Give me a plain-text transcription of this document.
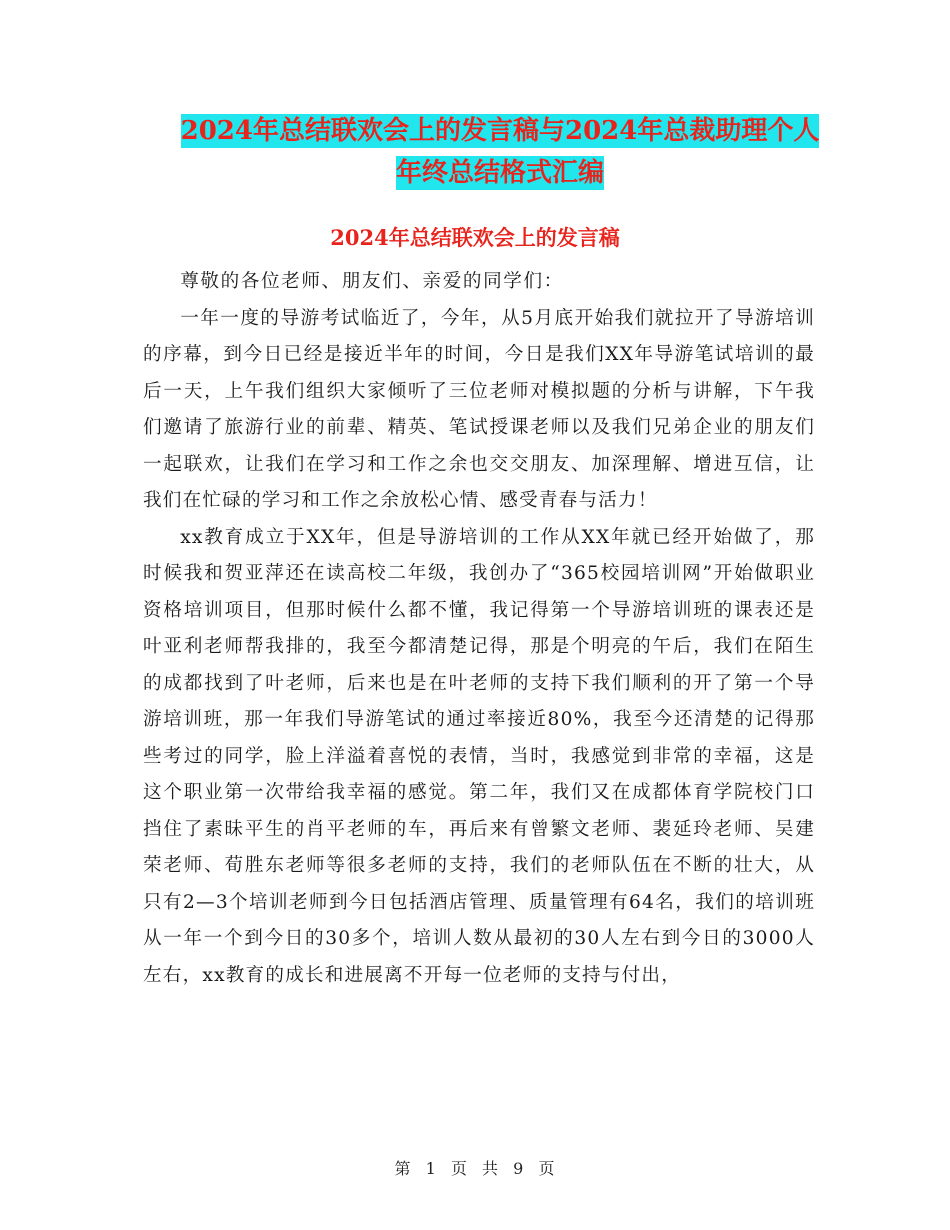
2024年总结联欢会上的发言稿与2024年总裁助理个人
年终总结格式汇编
2024年总结联欢会上的发言稿

尊敬的各位老师、朋友们、亲爱的同学们：

一年一度的导游考试临近了，今年，从5月底开始我们就拉开了导游培训的序幕，到今日已经是接近半年的时间，今日是我们XX年导游笔试培训的最后一天，上午我们组织大家倾听了三位老师对模拟题的分析与讲解，下午我们邀请了旅游行业的前辈、精英、笔试授课老师以及我们兄弟企业的朋友们一起联欢，让我们在学习和工作之余也交交朋友、加深理解、增进互信，让我们在忙碌的学习和工作之余放松心情、感受青春与活力！

xx教育成立于XX年，但是导游培训的工作从XX年就已经开始做了，那时候我和贺亚萍还在读高校二年级，我创办了“365校园培训网”开始做职业资格培训项目，但那时候什么都不懂，我记得第一个导游培训班的课表还是叶亚利老师帮我排的，我至今都清楚记得，那是个明亮的午后，我们在陌生的成都找到了叶老师，后来也是在叶老师的支持下我们顺利的开了第一个导游培训班，那一年我们导游笔试的通过率接近80%，我至今还清楚的记得那些考过的同学，脸上洋溢着喜悦的表情，当时，我感觉到非常的幸福，这是这个职业第一次带给我幸福的感觉。第二年，我们又在成都体育学院校门口挡住了素昧平生的肖平老师的车，再后来有曾繁文老师、裴延玲老师、吴建荣老师、荀胜东老师等很多老师的支持，我们的老师队伍在不断的壮大，从只有2—3个培训老师到今日包括酒店管理、质量管理有64名，我们的培训班从一年一个到今日的30多个，培训人数从最初的30人左右到今日的3000人左右，xx教育的成长和进展离不开每一位老师的支持与付出，

第 1 页 共 9 页
